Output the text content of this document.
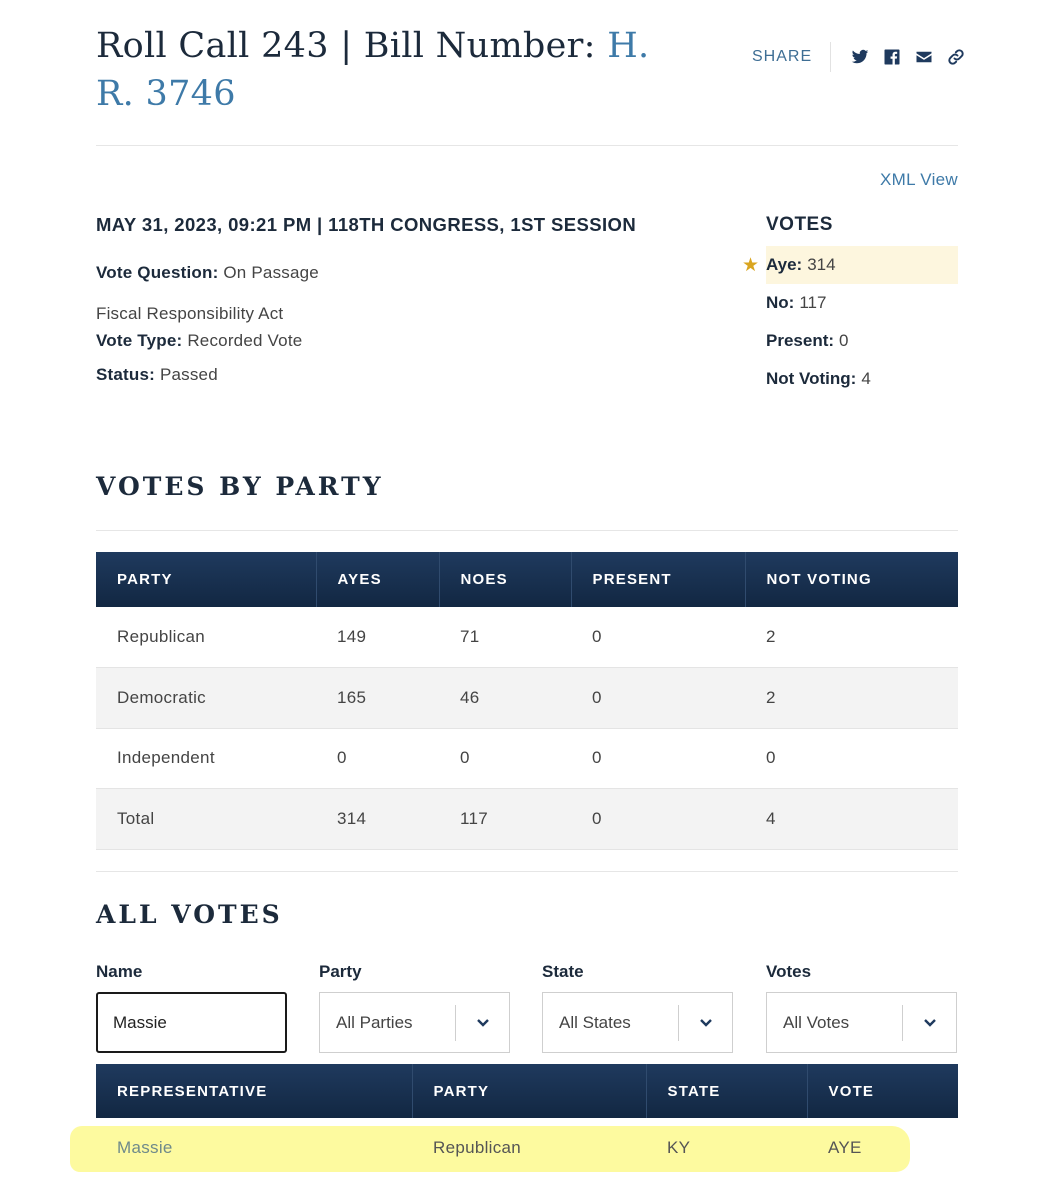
Roll Call 243 | Bill Number: H. R. 3746
SHARE
XML View
MAY 31, 2023, 09:21 PM | 118TH CONGRESS, 1ST SESSION
Vote Question: On Passage
Fiscal Responsibility Act
Vote Type: Recorded Vote
Status: Passed
VOTES
★ Aye: 314
No: 117
Present: 0
Not Voting: 4
VOTES BY PARTY
PARTY	AYES	NOES	PRESENT	NOT VOTING
Republican	149	71	0	2
Democratic	165	46	0	2
Independent	0	0	0	0
Total	314	117	0	4
ALL VOTES
Name	Party	State	Votes
Massie
All Parties	All States	All Votes
REPRESENTATIVE	PARTY	STATE	VOTE
Massie	Republican	KY	AYE
